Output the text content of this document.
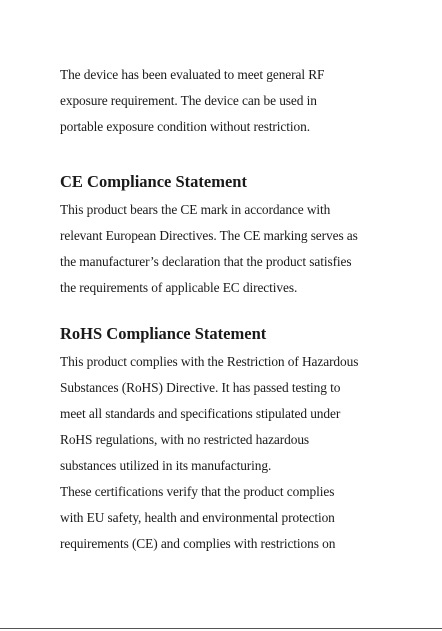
The device has been evaluated to meet general RF
exposure requirement. The device can be used in
portable exposure condition without restriction.
CE Compliance Statement
This product bears the CE mark in accordance with
relevant European Directives. The CE marking serves as
the manufacturer’s declaration that the product satisfies
the requirements of applicable EC directives.
RoHS Compliance Statement
This product complies with the Restriction of Hazardous
Substances (RoHS) Directive. It has passed testing to
meet all standards and specifications stipulated under
RoHS regulations, with no restricted hazardous
substances utilized in its manufacturing.
These certifications verify that the product complies
with EU safety, health and environmental protection
requirements (CE) and complies with restrictions on
